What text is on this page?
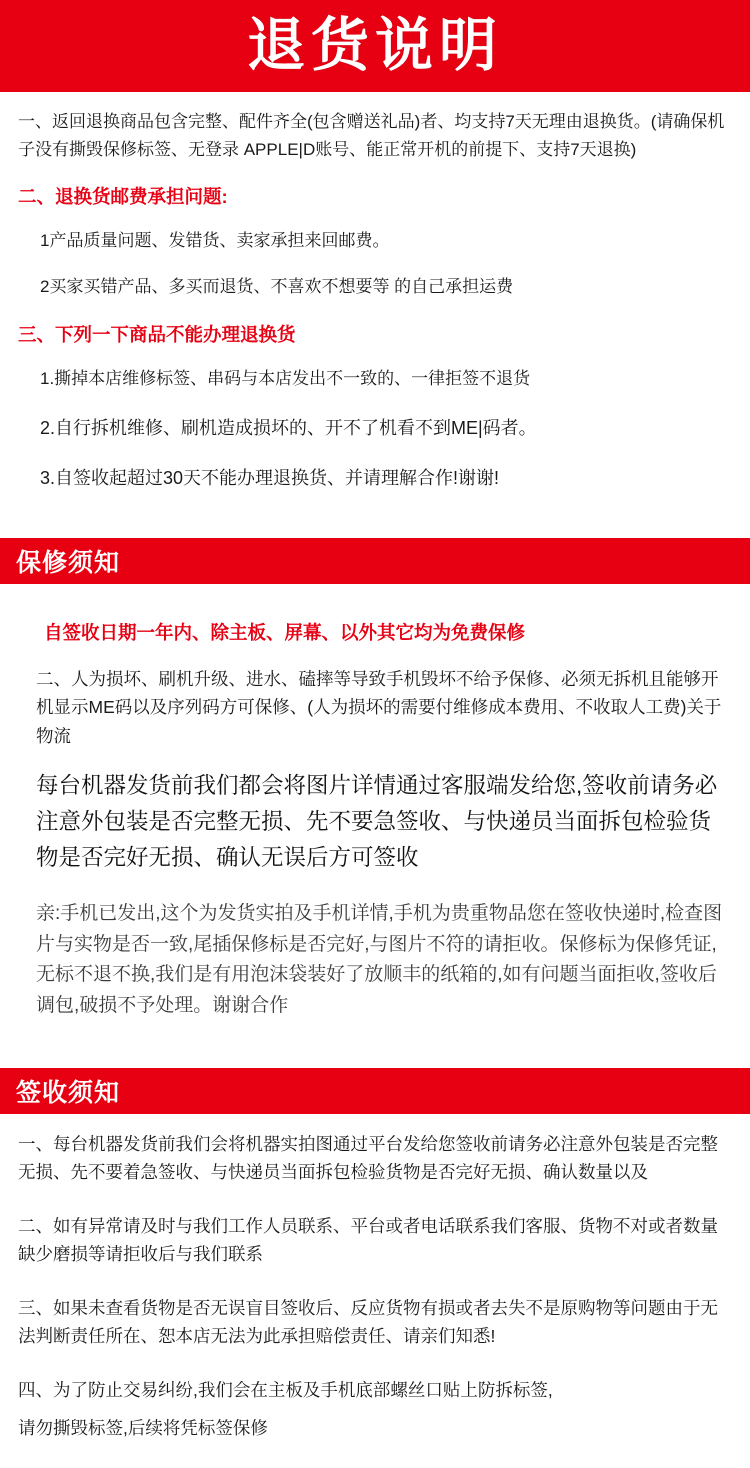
退货说明

一、返回退换商品包含完整、配件齐全(包含赠送礼品)者、均支持7天无理由退换货。(请确保机子没有撕毁保修标签、无登录 APPLE|D账号、能正常开机的前提下、支持7天退换)

二、退换货邮费承担问题:

1产品质量问题、发错货、卖家承担来回邮费。

2买家买错产品、多买而退货、不喜欢不想要等 的自己承担运费

三、下列一下商品不能办理退换货

1.撕掉本店维修标签、串码与本店发出不一致的、一律拒签不退货

2.自行拆机维修、刷机造成损坏的、开不了机看不到ME|码者。

3.自签收起超过30天不能办理退换货、并请理解合作!谢谢!

保修须知

自签收日期一年内、除主板、屏幕、以外其它均为免费保修

二、人为损坏、刷机升级、进水、磕摔等导致手机毁坏不给予保修、必须无拆机且能够开机显示ME码以及序列码方可保修、(人为损坏的需要付维修成本费用、不收取人工费)关于物流

每台机器发货前我们都会将图片详情通过客服端发给您,签收前请务必注意外包装是否完整无损、先不要急签收、与快递员当面拆包检验货物是否完好无损、确认无误后方可签收

亲:手机已发出,这个为发货实拍及手机详情,手机为贵重物品您在签收快递时,检查图片与实物是否一致,尾插保修标是否完好,与图片不符的请拒收。保修标为保修凭证,无标不退不换,我们是有用泡沫袋装好了放顺丰的纸箱的,如有问题当面拒收,签收后调包,破损不予处理。谢谢合作

签收须知

一、每台机器发货前我们会将机器实拍图通过平台发给您签收前请务必注意外包装是否完整无损、先不要着急签收、与快递员当面拆包检验货物是否完好无损、确认数量以及

二、如有异常请及时与我们工作人员联系、平台或者电话联系我们客服、货物不对或者数量缺少磨损等请拒收后与我们联系

三、如果未查看货物是否无误盲目签收后、反应货物有损或者去失不是原购物等问题由于无法判断责任所在、恕本店无法为此承担赔偿责任、请亲们知悉!

四、为了防止交易纠纷,我们会在主板及手机底部螺丝口贴上防拆标签,

请勿撕毁标签,后续将凭标签保修
